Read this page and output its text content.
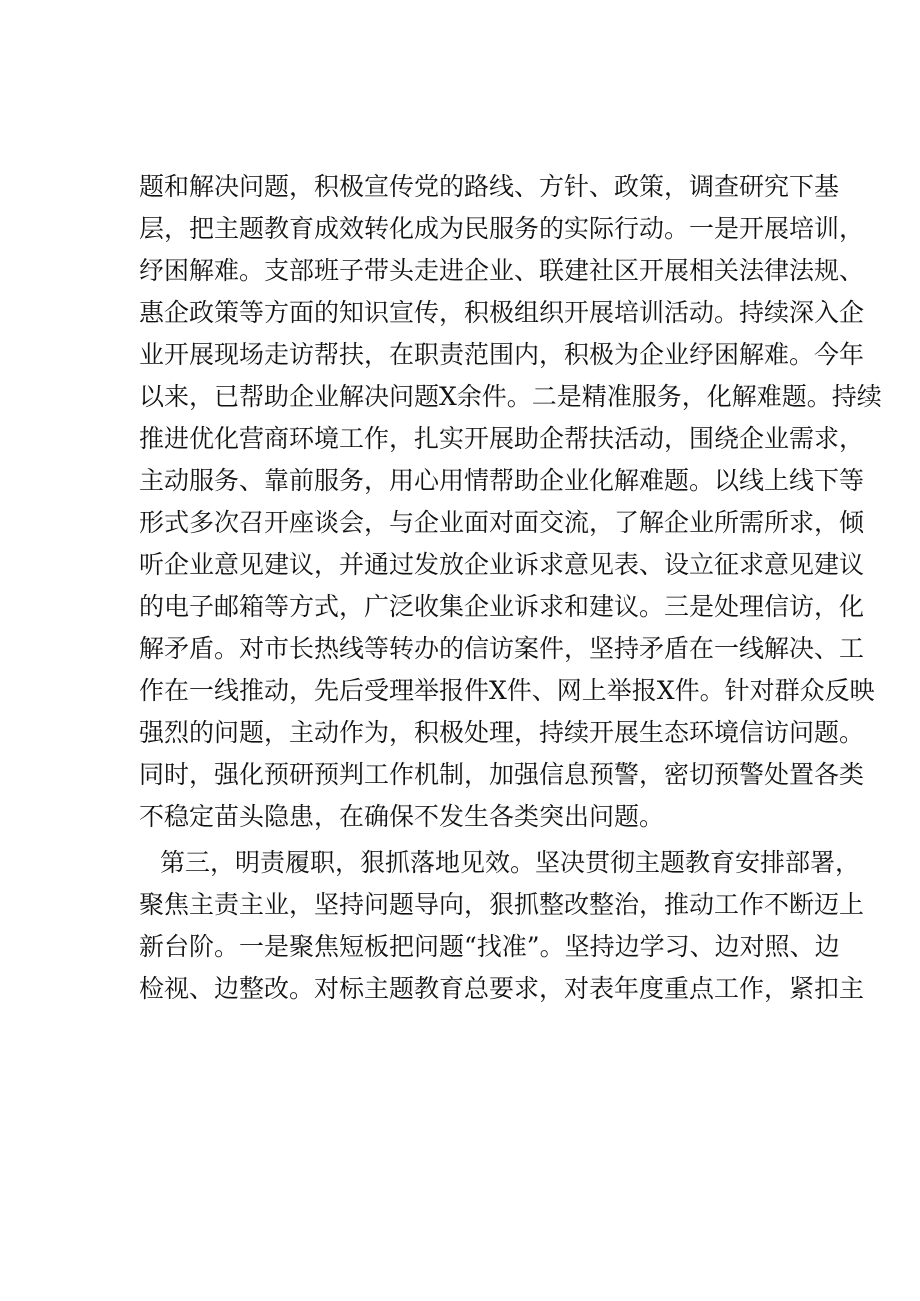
题和解决问题，积极宣传党的路线、方针、政策，调查研究下基
层，把主题教育成效转化成为民服务的实际行动。一是开展培训，
纾困解难。支部班子带头走进企业、联建社区开展相关法律法规、
惠企政策等方面的知识宣传，积极组织开展培训活动。持续深入企
业开展现场走访帮扶，在职责范围内，积极为企业纾困解难。今年
以来，已帮助企业解决问题X余件。二是精准服务，化解难题。持续
推进优化营商环境工作，扎实开展助企帮扶活动，围绕企业需求，
主动服务、靠前服务，用心用情帮助企业化解难题。以线上线下等
形式多次召开座谈会，与企业面对面交流，了解企业所需所求，倾
听企业意见建议，并通过发放企业诉求意见表、设立征求意见建议
的电子邮箱等方式，广泛收集企业诉求和建议。三是处理信访，化
解矛盾。对市长热线等转办的信访案件，坚持矛盾在一线解决、工
作在一线推动，先后受理举报件X件、网上举报X件。针对群众反映
强烈的问题，主动作为，积极处理，持续开展生态环境信访问题。
同时，强化预研预判工作机制，加强信息预警，密切预警处置各类
不稳定苗头隐患，在确保不发生各类突出问题。
第三，明责履职，狠抓落地见效。坚决贯彻主题教育安排部署，
聚焦主责主业，坚持问题导向，狠抓整改整治，推动工作不断迈上
新台阶。一是聚焦短板把问题“找准”。坚持边学习、边对照、边
检视、边整改。对标主题教育总要求，对表年度重点工作，紧扣主
